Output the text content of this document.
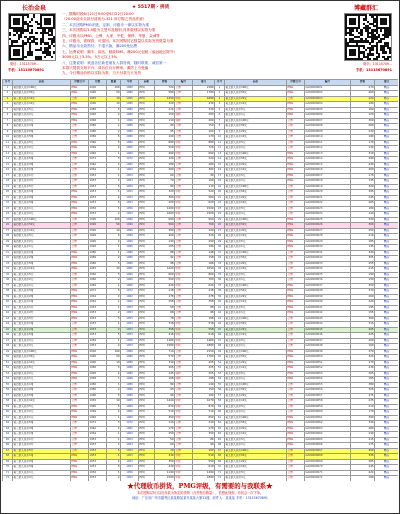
长治金泉	博藏群汇
微信：13115709...	微信：13115709...
手机：13115670891	手机：13115670891
★ 5517期 · 拼货
一、随购时段6月21日9:00至6月22日20:00
（20:00前未全款付清视为-321 所订购之货品作废）
二、本次团购PMG评级，定制，评级币一律以实物为准
三、本次团购以1-5级为主型号及版别,具体版别以实物为准
四、评级币以PMG、公博、大家、中乾、保粹、华夏、众诚等
五、评级币，需保真，可退回。本次团购其它数量以实际发货数量为准
六、精品币全款预付，不退不换，满200免运费
七、运费说明：顺丰、韵达、邮政EMS，满200元包邮（偏远地区除外）
3000元以上3.5%，5万元以上3%
八、注册说明：欢迎各位新老朋友入群咨询，随时联系，诚信第一
本群只提供交易平台，请各位自行辨别，谨防上当受骗
九、今日精品价格以实际为准，当天付款当天发货
序号	品名	评级公司	分数	数量	年份	品相	价格	编号	备注	序号	品名	评级公司	编号	价格	备注
1	第四套人民币100元	PMG	2000	100	1980	EPQ	720	公博	2180	1	第五套人民币100元	PMG	GA00000001	270	精品
2	第四套人民币50元	PMG	1990	50	1980	EPQ	580	公博	1780	2	第五套人民币50元	PMG	GA00000002	260	精品
3	第三套人民币10元	公博	1965	10	1965	EPQ	1450	中乾	1680	3	第五套人民币20元	公博	GA00000003	220	精品
4	第四套人民币10元	PMG	1990	10	1980	EPQ	320	公博	430	4	第五套人民币10元	PMG	GA00000004	180	精品
5	第四套人民币5元	PMG	1980	5	1980	EPQ	210	公博	330	5	第五套人民币5元	PMG	GA00000005	160	精品
6	第四套人民币2元	PMG	1990	2	1980	EPQ	150	保粹	260	6	第五套人民币1元	PMG	GA00000006	120	精品
7	第四套人民币1元	PMG	1996	1	1996	EPQ	110	保粹	200	7	第五套人民币100元	公博	GA00000007	300	精品
8	第四套人民币1角	公博	1980	1	1980	EPQ	90	公博	150	8	第五套人民币50元	公博	GA00000008	280	精品
9	第四套人民币2角	公博	1980	2	1980	EPQ	95	公博	160	9	第五套人民币20元	公博	GA00000009	230	精品
10	第四套人民币5角	公博	1980	5	1980	EPQ	100	公博	170	10	第五套人民币10元	公博	GA00000010	190	精品
11	第三套人民币5元	PMG	1960	5	1960	EPQ	680	中乾	880	11	第五套人民币5元	公博	GA00000011	170	精品
12	第三套人民币2元	PMG	1960	2	1960	EPQ	520	中乾	720	12	第五套人民币1元	公博	GA00000012	130	精品
13	第三套人民币1元	PMG	1960	1	1960	EPQ	460	中乾	660	13	第五套人民币100元	PMG	GA00000013	310	精品
14	第三套人民币5角	公博	1972	5	1972	EPQ	120	公博	220	14	第五套人民币50元	PMG	GA00000014	290	精品
15	第三套人民币2角	公博	1962	2	1962	EPQ	180	公博	280	15	第五套人民币20元	PMG	GA00000015	240	精品
16	第三套人民币1角	公博	1962	1	1962	EPQ	260	公博	360	16	第五套人民币10元	PMG	GA00000016	200	精品
17	第二套人民币1分	公博	1953	1	1953	EPQ	60	公博	90	17	第五套人民币5元	PMG	GA00000017	175	精品
18	第二套人民币2分	公博	1953	2	1953	EPQ	70	公博	100	18	第五套人民币1元	PMG	GA00000018	135	精品
19	第二套人民币5分	公博	1953	5	1953	EPQ	80	公博	110	19	第五套人民币100元	公博	GA00000019	320	精品
20	第二套人民币1角	PMG	1953	1	1953	EPQ	320	中乾	520	20	第五套人民币50元	公博	GA00000020	295	精品
21	第二套人民币2角	PMG	1953	2	1953	EPQ	360	中乾	560	21	第五套人民币20元	公博	GA00000021	245	精品
22	第二套人民币5角	PMG	1953	5	1953	EPQ	420	中乾	620	22	第五套人民币10元	公博	GA00000022	205	精品
23	第二套人民币1元	PMG	1956	1	1956	EPQ	1200	中乾	1500	23	第五套人民币5元	公博	GA00000023	180	精品
24	第二套人民币2元	PMG	1953	2	1953	EPQ	1600	中乾	1900	24	第五套人民币1元	公博	GA00000024	140	精品
25	第四套人民币100元	公博	1990	100	1990	EPQ	690	公博	900	25	第五套人民币100元	PMG	GA00000025	330	精品
26	第四套人民币50元	公博	1990	50	1990	EPQ	560	公博	760	26	第五套人民币50元	PMG	GA00000026	300	精品
27	第四套人民币10元	公博	1990	10	1990	EPQ	300	公博	420	27	第五套人民币20元	PMG	GA00000027	250	精品
28	第四套人民币5元	公博	1990	5	1990	EPQ	200	公博	320	28	第五套人民币10元	PMG	GA00000028	210	精品
29	第四套人民币2元	公博	1990	2	1990	EPQ	140	公博	250	29	第五套人民币5元	PMG	GA00000029	185	精品
30	第四套人民币1元	公博	1990	1	1990	EPQ	105	公博	190	30	第五套人民币1元	PMG	GA00000030	145	精品
31	第四套人民币1角	PMG	1980	1	1980	EPQ	88	公博	148	31	第五套人民币100元	公博	GA00000031	340	精品
32	第四套人民币2角	PMG	1980	2	1980	EPQ	92	公博	158	32	第五套人民币50元	公博	GA00000032	305	精品
33	第四套人民币5角	PMG	1980	5	1980	EPQ	98	公博	168	33	第五套人民币20元	公博	GA00000033	255	精品
34	第三套人民币10元	PMG	1965	10	1965	EPQ	1420	中乾	1650	34	第五套人民币10元	公博	GA00000034	215	精品
35	第三套人民币5元	公博	1960	5	1960	EPQ	660	中乾	860	35	第五套人民币5元	公博	GA00000035	190	精品
36	第三套人民币2元	公博	1960	2	1960	EPQ	500	中乾	700	36	第五套人民币1元	公博	GA00000036	150	精品
37	第三套人民币1元	公博	1960	1	1960	EPQ	440	中乾	640	37	第五套人民币100元	PMG	GA00000037	350	精品
38	第三套人民币5角	PMG	1972	5	1972	EPQ	118	公博	218	38	第五套人民币50元	PMG	GA00000038	310	精品
39	第三套人民币2角	PMG	1962	2	1962	EPQ	178	公博	278	39	第五套人民币20元	PMG	GA00000039	260	精品
40	第三套人民币1角	PMG	1962	1	1962	EPQ	258	公博	358	40	第五套人民币10元	PMG	GA00000040	220	精品
41	第二套人民币1分	PMG	1953	1	1953	EPQ	58	公博	88	41	第五套人民币5元	PMG	GA00000041	195	精品
42	第二套人民币2分	PMG	1953	2	1953	EPQ	68	公博	98	42	第五套人民币1元	PMG	GA00000042	155	精品
43	第二套人民币5分	PMG	1953	5	1953	EPQ	78	公博	108	43	第五套人民币100元	公博	GA00000043	360	精品
44	第二套人民币1角	公博	1953	1	1953	EPQ	318	中乾	518	44	第五套人民币50元	公博	GA00000044	315	精品
45	第二套人民币2角	公博	1953	2	1953	EPQ	358	中乾	558	45	第五套人民币20元	公博	GA00000045	265	精品
46	第二套人民币5角	公博	1953	5	1953	EPQ	418	中乾	618	46	第五套人民币10元	公博	GA00000046	225	精品
47	第二套人民币1元	公博	1956	1	1956	EPQ	1180	中乾	1480	47	第五套人民币5元	公博	GA00000047	200	精品
48	第二套人民币2元	公博	1953	2	1953	EPQ	1580	中乾	1880	48	第五套人民币1元	公博	GA00000048	160	精品
49	第四套人民币100元	PMG	2000	100	1980	EPQ	710	公博	2150	49	第五套人民币100元	PMG	GA00000049	370	精品
50	第四套人民币50元	PMG	1990	50	1980	EPQ	570	公博	1760	50	第五套人民币50元	PMG	GA00000050	320	精品
51	第四套人民币10元	PMG	1990	10	1980	EPQ	310	公博	425	51	第五套人民币20元	PMG	GA00000051	270	精品
52	第四套人民币5元	PMG	1980	5	1980	EPQ	205	公博	325	52	第五套人民币10元	PMG	GA00000052	230	精品
53	第四套人民币2元	PMG	1990	2	1980	EPQ	145	保粹	255	53	第五套人民币5元	PMG	GA00000053	205	精品
54	第四套人民币1元	PMG	1996	1	1996	EPQ	108	保粹	198	54	第五套人民币1元	PMG	GA00000054	165	精品
55	第四套人民币1角	公博	1980	1	1980	EPQ	89	公博	149	55	第五套人民币100元	公博	GA00000055	380	精品
56	第四套人民币2角	公博	1980	2	1980	EPQ	93	公博	159	56	第五套人民币50元	公博	GA00000056	325	精品
57	第四套人民币5角	公博	1980	5	1980	EPQ	99	公博	169	57	第五套人民币20元	公博	GA00000057	275	精品
58	第三套人民币10元	公博	1965	10	1965	EPQ	1440	中乾	1670	58	第五套人民币10元	公博	GA00000058	235	精品
59	第三套人民币5元	PMG	1960	5	1960	EPQ	670	中乾	870	59	第五套人民币5元	公博	GA00000059	210	精品
60	第三套人民币2元	PMG	1960	2	1960	EPQ	510	中乾	710	60	第五套人民币1元	公博	GA00000060	170	精品
61	第三套人民币1元	PMG	1960	1	1960	EPQ	450	中乾	650	61	第五套人民币100元	PMG	GA00000061	390	精品
62	第三套人民币5角	公博	1972	5	1972	EPQ	119	公博	219	62	第五套人民币50元	PMG	GA00000062	330	精品
63	第三套人民币2角	公博	1962	2	1962	EPQ	179	公博	279	63	第五套人民币20元	PMG	GA00000063	280	精品
64	第三套人民币1角	公博	1962	1	1962	EPQ	259	公博	359	64	第五套人民币10元	PMG	GA00000064	240	精品
65	第二套人民币1分	公博	1953	1	1953	EPQ	59	公博	89	65	第五套人民币5元	PMG	GA00000065	215	精品
66	第二套人民币2分	公博	1953	2	1953	EPQ	69	公博	99	66	第五套人民币1元	PMG	GA00000066	175	精品
67	第二套人民币5分	公博	1953	5	1953	EPQ	79	公博	109	67	第五套人民币100元	公博	GA00000067	400	精品
68	第二套人民币1角	PMG	1953	1	1953	EPQ	319	中乾	519	68	第五套人民币50元	公博	GA00000068	335	精品
69	第二套人民币2角	PMG	1953	2	1953	EPQ	359	中乾	559	69	第五套人民币20元	公博	GA00000069	285	精品
70	第二套人民币5角	PMG	1953	5	1953	EPQ	419	中乾	619	70	第五套人民币10元	公博	GA00000070	245	精品
71	第二套人民币1元	PMG	1956	1	1956	EPQ	1190	中乾	1490	71	第五套人民币5元	公博	GA00000071	220	精品
72	第二套人民币2元	PMG	1953	2	1953	EPQ	1590	中乾	1890	72	第五套人民币1元	公博	GA00000072	180	精品

★代理收币拼货，PMG评级，有需要的与我联系★
本次团购以5日以后付款为所定的货物（含货物总数量），依照此规则，有机会一次下单。
地址：广东省广州市越秀区某某路某某号某某大厦21楼，收件人：某某某 手机：13115670891
